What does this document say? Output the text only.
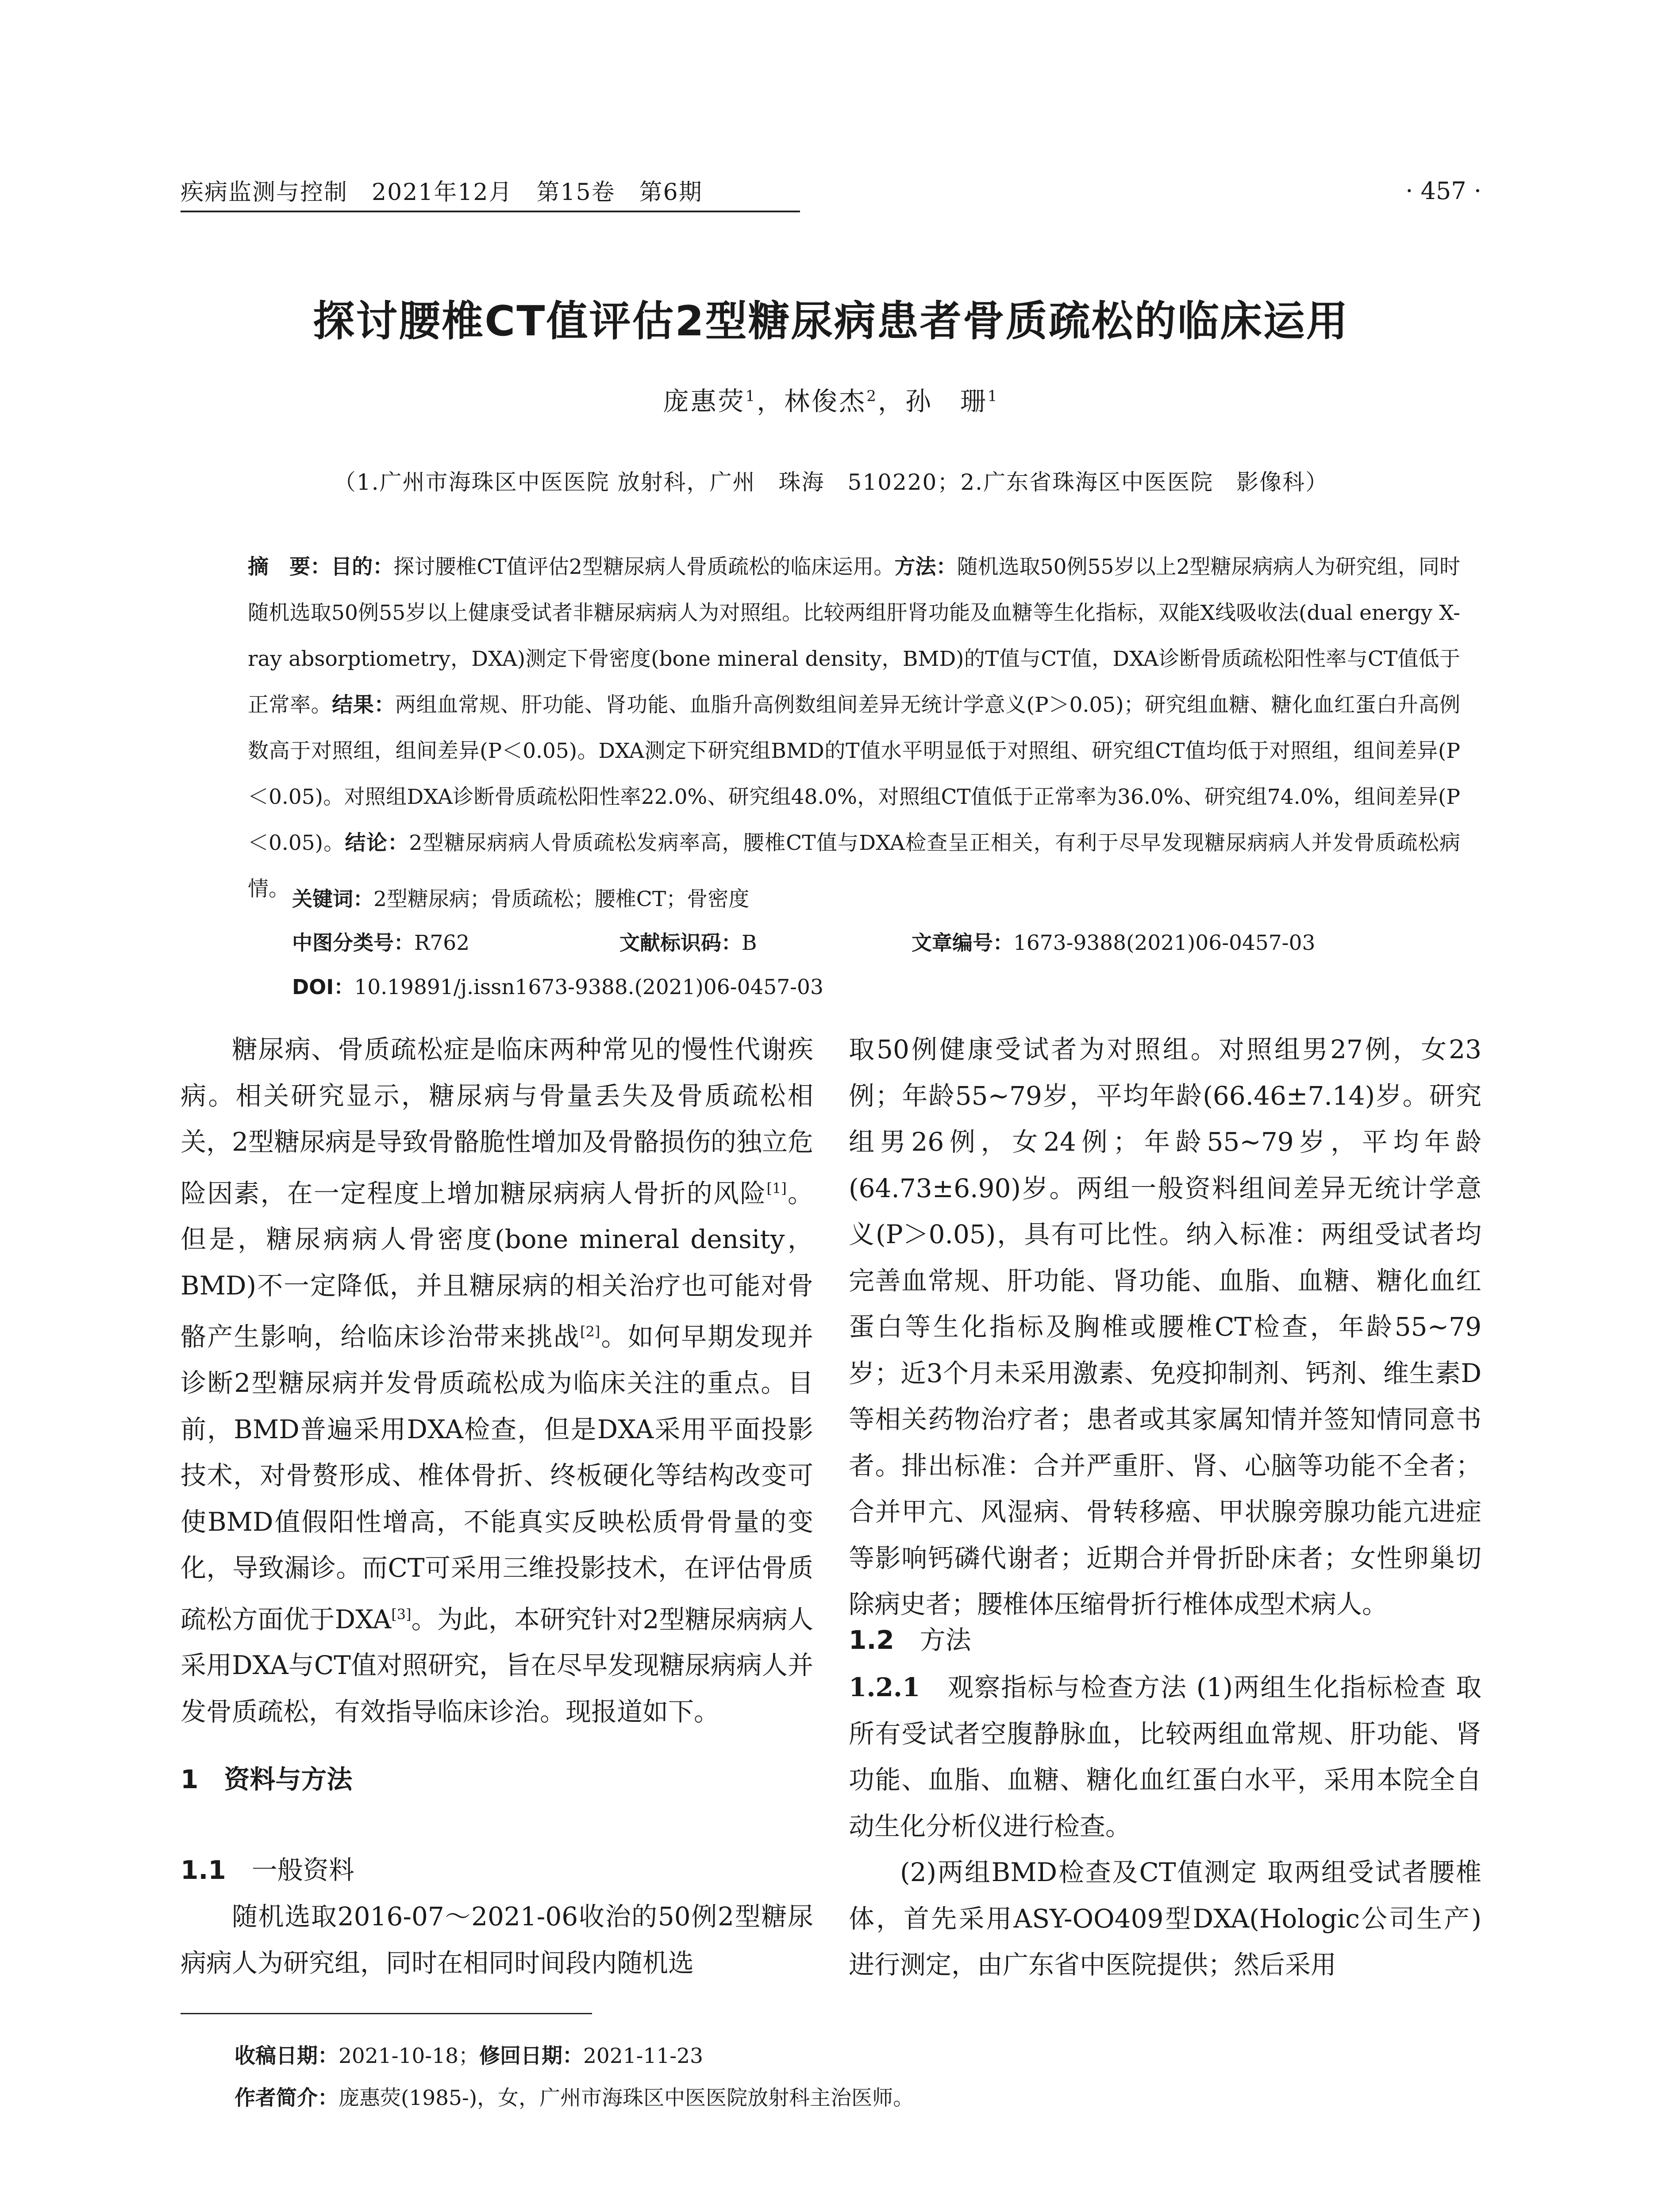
疾病监测与控制　2021年12月　第15卷　第6期	· 457 ·
探讨腰椎CT值评估2型糖尿病患者骨质疏松的临床运用
庞惠荧$^1$，林俊杰$^2$，孙　珊$^1$
（1.广州市海珠区中医医院 放射科，广州　珠海　510220；2.广东省珠海区中医医院　影像科）
摘　要：目的：探讨腰椎CT值评估2型糖尿病人骨质疏松的临床运用。方法：随机选取50例55岁以上2型糖尿病病人为研究组，同时随机选取50例55岁以上健康受试者非糖尿病病人为对照组。比较两组肝肾功能及血糖等生化指标，双能X线吸收法(dual energy X-ray absorptiometry，DXA)测定下骨密度(bone mineral density，BMD)的T值与CT值，DXA诊断骨质疏松阳性率与CT值低于正常率。结果：两组血常规、肝功能、肾功能、血脂升高例数组间差异无统计学意义(P＞0.05)；研究组血糖、糖化血红蛋白升高例数高于对照组，组间差异(P＜0.05)。DXA测定下研究组BMD的T值水平明显低于对照组、研究组CT值均低于对照组，组间差异(P＜0.05)。对照组DXA诊断骨质疏松阳性率22.0%、研究组48.0%，对照组CT值低于正常率为36.0%、研究组74.0%，组间差异(P＜0.05)。结论：2型糖尿病病人骨质疏松发病率高，腰椎CT值与DXA检查呈正相关，有利于尽早发现糖尿病病人并发骨质疏松病情。 关键词：2型糖尿病；骨质疏松；腰椎CT；骨密度
中图分类号：R762	文献标识码：B	文章编号：1673-9388(2021)06-0457-03
DOI：10.19891/j.issn1673-9388.(2021)06-0457-03

糖尿病、骨质疏松症是临床两种常见的慢性代谢疾病。相关研究显示，糖尿病与骨量丢失及骨质疏松相关，2型糖尿病是导致骨骼脆性增加及骨骼损伤的独立危险因素，在一定程度上增加糖尿病病人骨折的风险[1]。但是，糖尿病病人骨密度(bone mineral density，BMD)不一定降低，并且糖尿病的相关治疗也可能对骨骼产生影响，给临床诊治带来挑战[2]。如何早期发现并诊断2型糖尿病并发骨质疏松成为临床关注的重点。目前，BMD普遍采用DXA检查，但是DXA采用平面投影技术，对骨赘形成、椎体骨折、终板硬化等结构改变可使BMD值假阳性增高，不能真实反映松质骨骨量的变化，导致漏诊。而CT可采用三维投影技术，在评估骨质疏松方面优于DXA[3]。为此，本研究针对2型糖尿病病人采用DXA与CT值对照研究，旨在尽早发现糖尿病病人并发骨质疏松，有效指导临床诊治。现报道如下。

1　资料与方法
1.1　 一般资料

随机选取2016-07～2021-06收治的50例2型糖尿病病人为研究组，同时在相同时间段内随机选

取50例健康受试者为对照组。对照组男27例，女23例；年龄55~79岁，平均年龄(66.46±7.14)岁。研究组男26例，女24例；年龄55~79岁，平均年龄(64.73±6.90)岁。两组一般资料组间差异无统计学意义(P＞0.05)，具有可比性。纳入标准：两组受试者均完善血常规、肝功能、肾功能、血脂、血糖、糖化血红蛋白等生化指标及胸椎或腰椎CT检查，年龄55~79岁；近3个月未采用激素、免疫抑制剂、钙剂、维生素D等相关药物治疗者；患者或其家属知情并签知情同意书者。排出标准：合并严重肝、肾、心脑等功能不全者；合并甲亢、风湿病、骨转移癌、甲状腺旁腺功能亢进症等影响钙磷代谢者；近期合并骨折卧床者；女性卵巢切除病史者；腰椎体压缩骨折行椎体成型术病人。

1.2　 方法

1.2.1　 观察指标与检查方法 (1)两组生化指标检查 取所有受试者空腹静脉血，比较两组血常规、肝功能、肾功能、血脂、血糖、糖化血红蛋白水平，采用本院全自动生化分析仪进行检查。

(2)两组BMD检查及CT值测定 取两组受试者腰椎体，首先采用ASY-OO409型DXA(Hologic公司生产)进行测定，由广东省中医院提供；然后采用

收稿日期：2021-10-18；修回日期：2021-11-23
作者简介：庞惠荧(1985-)，女，广州市海珠区中医医院放射科主治医师。
